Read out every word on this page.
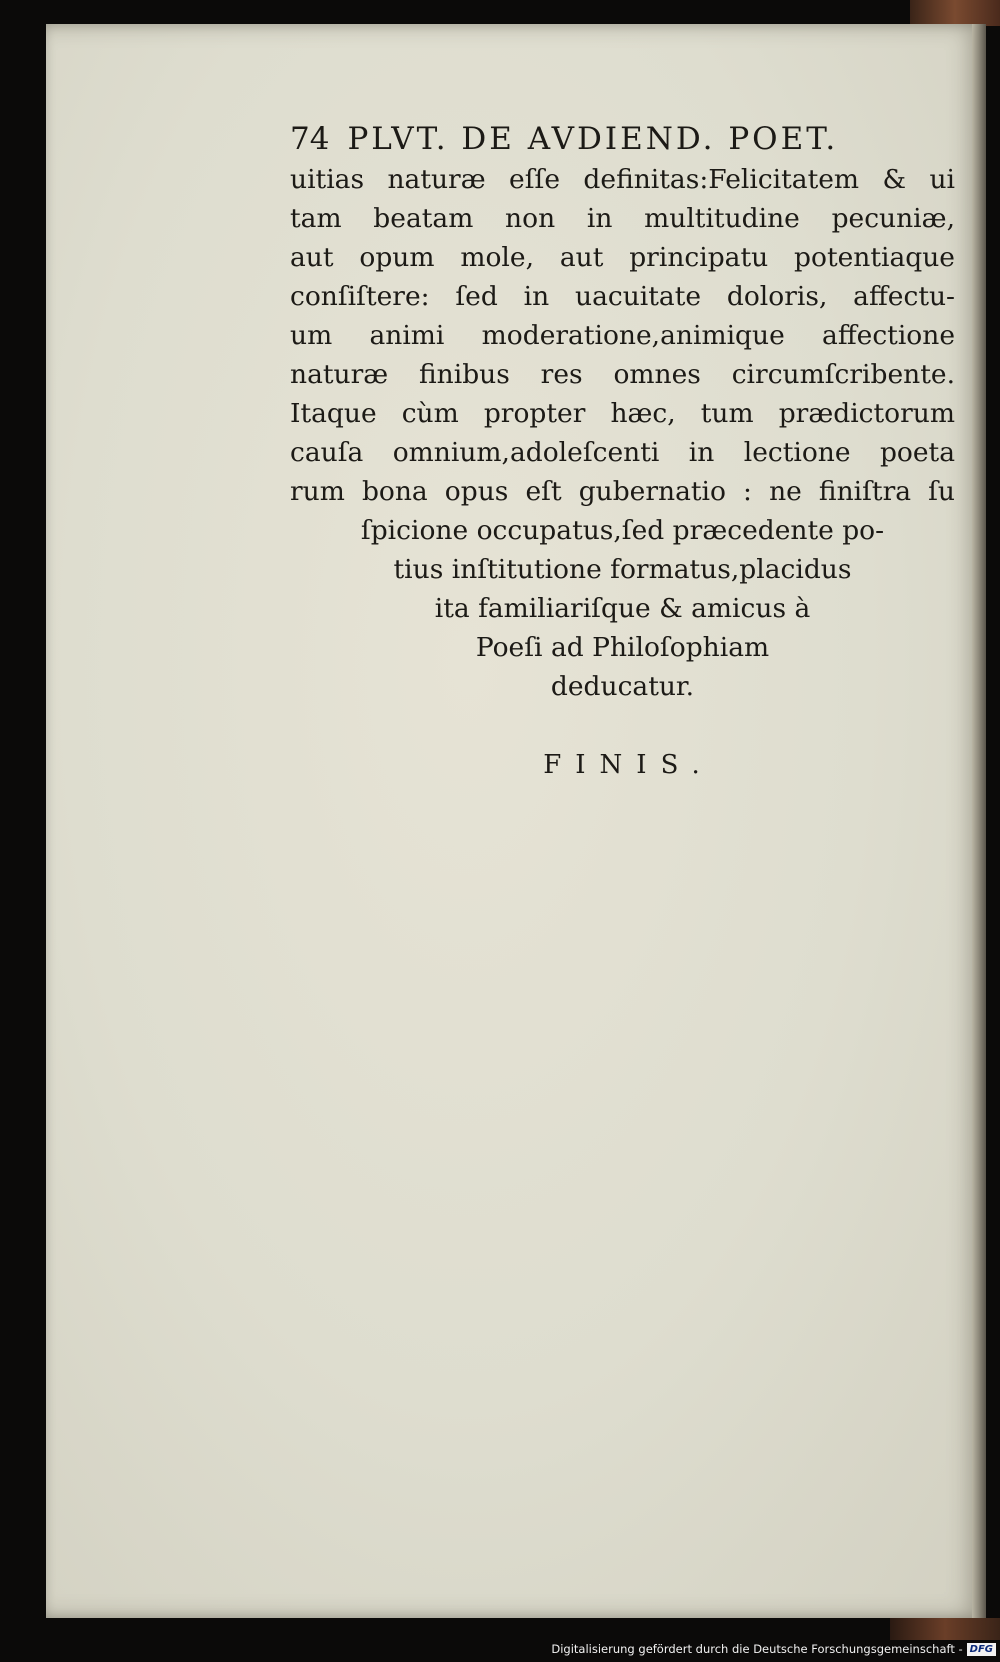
74 PLVT. DE AVDIEND. POET.
uitias naturæ eſſe definitas:Felicitatem & ui
tam beatam non in multitudine pecuniæ,
aut opum mole, aut principatu potentiaque
conſiſtere: ſed in uacuitate doloris, affectu-
um animi moderatione,animique affectione
naturæ finibus res omnes circumſcribente.
Itaque cùm propter hæc, tum prædictorum
cauſa omnium,adoleſcenti in lectione poeta
rum bona opus eſt gubernatio : ne finiſtra ſu
ſpicione occupatus,ſed præcedente po-
tius inſtitutione formatus,placidus
ita familiariſque & amicus à
Poeſi ad Philoſophiam
deducatur.
FINIS.
Digitalisierung gefördert durch die Deutsche Forschungsgemeinschaft - DFG
